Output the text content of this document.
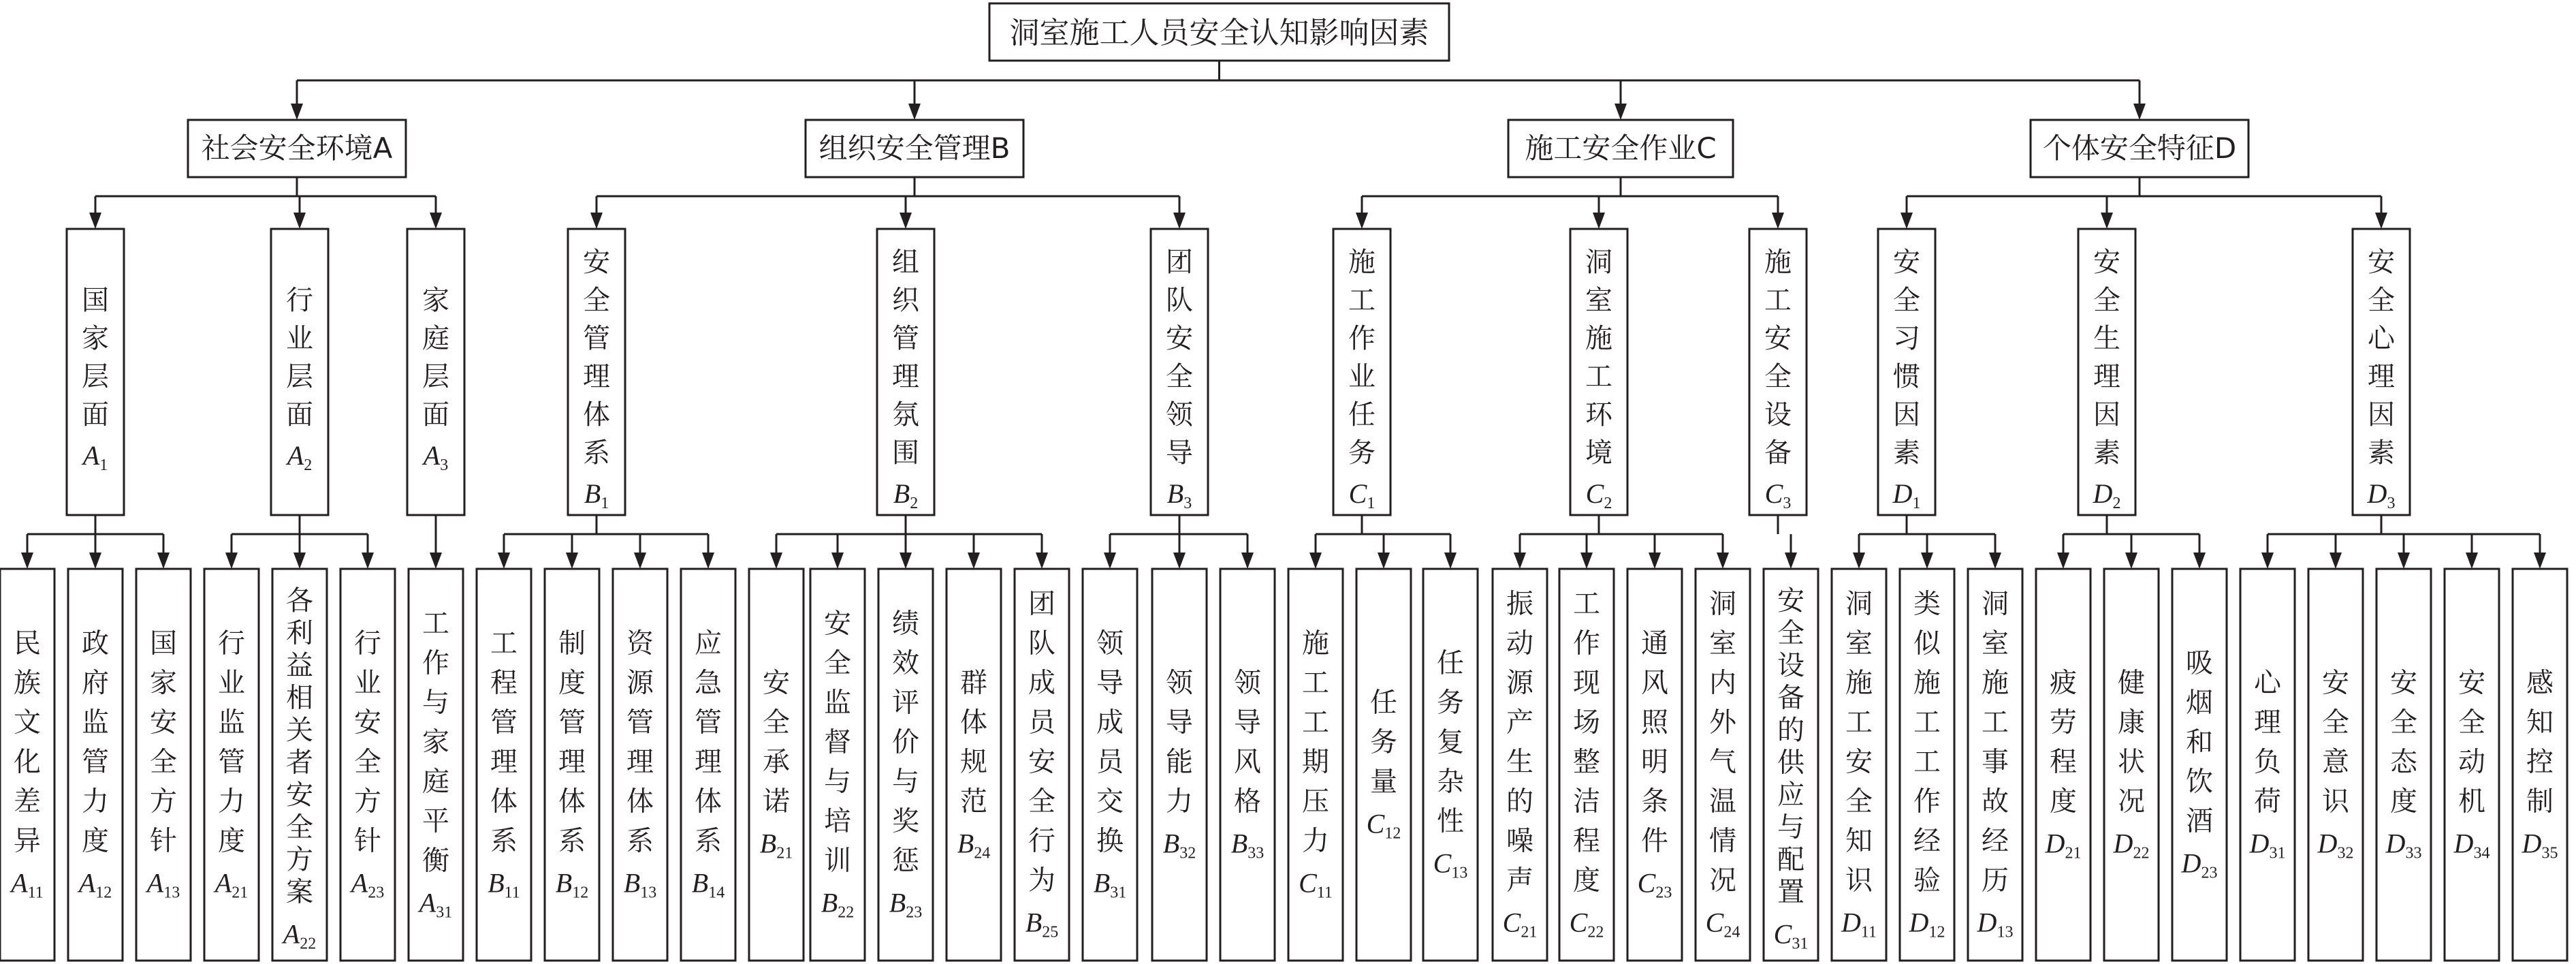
洞室施工人员安全认知影响因素
社会安全环境A
国
家
层
面
$A_1$
民
族
文
化
差
异
$A_{11}$
政
府
监
管
力
度
$A_{12}$
国
家
安
全
方
针
$A_{13}$
行
业
层
面
$A_2$
行
业
监
管
力
度
$A_{21}$
各
利
益
相
关
者
安
全
方
案
$A_{22}$
行
业
安
全
方
针
$A_{23}$
家
庭
层
面
$A_3$
工
作
与
家
庭
平
衡
$A_{31}$
组织安全管理B
安
全
管
理
体
系
$B_1$
工
程
管
理
体
系
$B_{11}$
制
度
管
理
体
系
$B_{12}$
资
源
管
理
体
系
$B_{13}$
应
急
管
理
体
系
$B_{14}$
组
织
管
理
氛
围
$B_2$
安
全
承
诺
$B_{21}$
安
全
监
督
与
培
训
$B_{22}$
绩
效
评
价
与
奖
惩
$B_{23}$
群
体
规
范
$B_{24}$
团
队
成
员
安
全
行
为
$B_{25}$
团
队
安
全
领
导
$B_3$
领
导
成
员
交
换
$B_{31}$
领
导
能
力
$B_{32}$
领
导
风
格
$B_{33}$
施工安全作业C
施
工
作
业
任
务
$C_1$
施
工
工
期
压
力
$C_{11}$
任
务
量
$C_{12}$
任
务
复
杂
性
$C_{13}$
洞
室
施
工
环
境
$C_2$
振
动
源
产
生
的
噪
声
$C_{21}$
工
作
现
场
整
洁
程
度
$C_{22}$
通
风
照
明
条
件
$C_{23}$
洞
室
内
外
气
温
情
况
$C_{24}$
施
工
安
全
设
备
$C_3$
安
全
设
备
的
供
应
与
配
置
$C_{31}$
个体安全特征D
安
全
习
惯
因
素
$D_1$
洞
室
施
工
安
全
知
识
$D_{11}$
类
似
施
工
工
作
经
验
$D_{12}$
洞
室
施
工
事
故
经
历
$D_{13}$
安
全
生
理
因
素
$D_2$
疲
劳
程
度
$D_{21}$
健
康
状
况
$D_{22}$
吸
烟
和
饮
酒
$D_{23}$
安
全
心
理
因
素
$D_3$
心
理
负
荷
$D_{31}$
安
全
意
识
$D_{32}$
安
全
态
度
$D_{33}$
安
全
动
机
$D_{34}$
感
知
控
制
$D_{35}$
